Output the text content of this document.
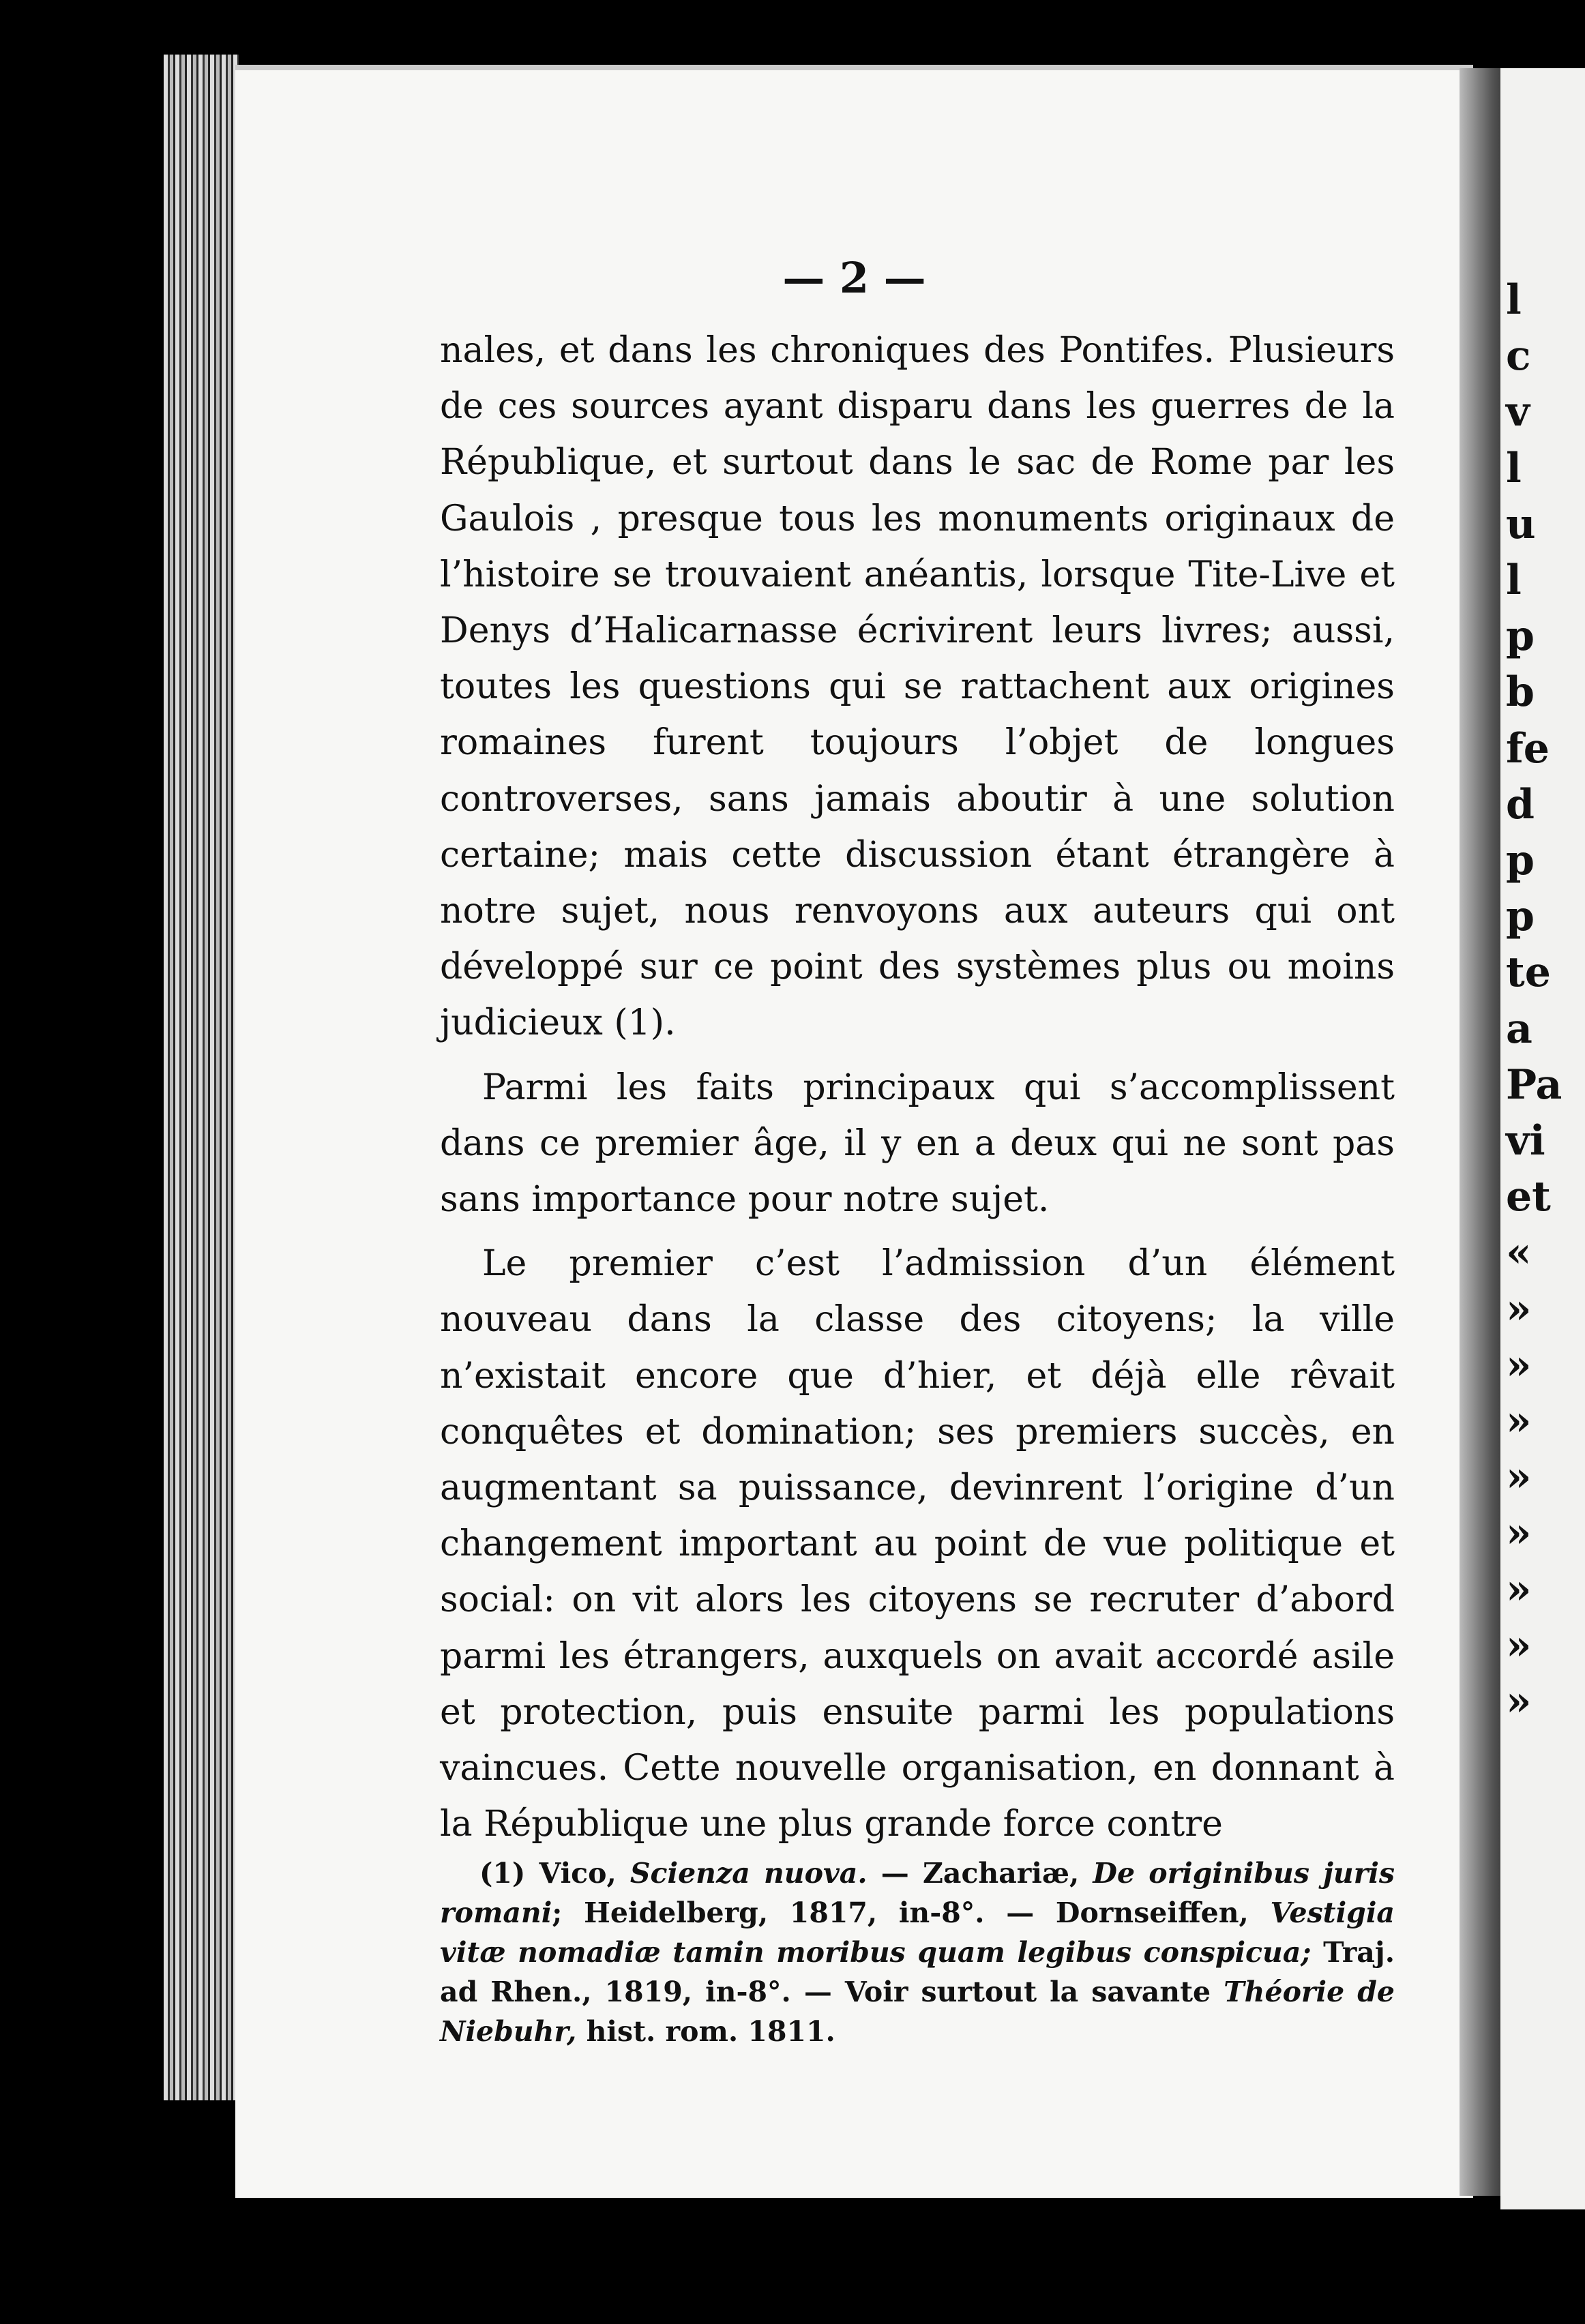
— 2 —

nales, et dans les chroniques des Pontifes. Plusieurs de ces sources ayant disparu dans les guerres de la République, et surtout dans le sac de Rome par les Gaulois , presque tous les monuments originaux de l’histoire se trouvaient anéantis, lorsque Tite-Live et Denys d’Halicarnasse écrivirent leurs livres; aussi, toutes les questions qui se rattachent aux origines romaines furent toujours l’objet de longues controverses, sans jamais aboutir à une solution certaine; mais cette discussion étant étrangère à notre sujet, nous renvoyons aux auteurs qui ont développé sur ce point des systèmes plus ou moins judicieux (1).

Parmi les faits principaux qui s’accomplissent dans ce premier âge, il y en a deux qui ne sont pas sans importance pour notre sujet.

Le premier c’est l’admission d’un élément nouveau dans la classe des citoyens; la ville n’existait encore que d’hier, et déjà elle rêvait conquêtes et domination; ses premiers succès, en augmentant sa puissance, devinrent l’origine d’un changement important au point de vue politique et social: on vit alors les citoyens se recruter d’abord parmi les étrangers, auxquels on avait accordé asile et protection, puis ensuite parmi les populations vaincues. Cette nouvelle organisation, en donnant à la République une plus grande force contre

(1) Vico, Scienza nuova. — Zachariæ, De originibus juris romani; Heidelberg, 1817, in-8°. — Dornseiffen, Vestigia vitæ nomadiæ tamin moribus quam legibus conspicua; Traj. ad Rhen., 1819, in-8°. — Voir surtout la savante Théorie de Niebuhr, hist. rom. 1811.
l
c
v
l
u
l
p
b
fe
d
p
p
te
a
Pa
vi
et
«
»
»
»
»
»
»
»
»
